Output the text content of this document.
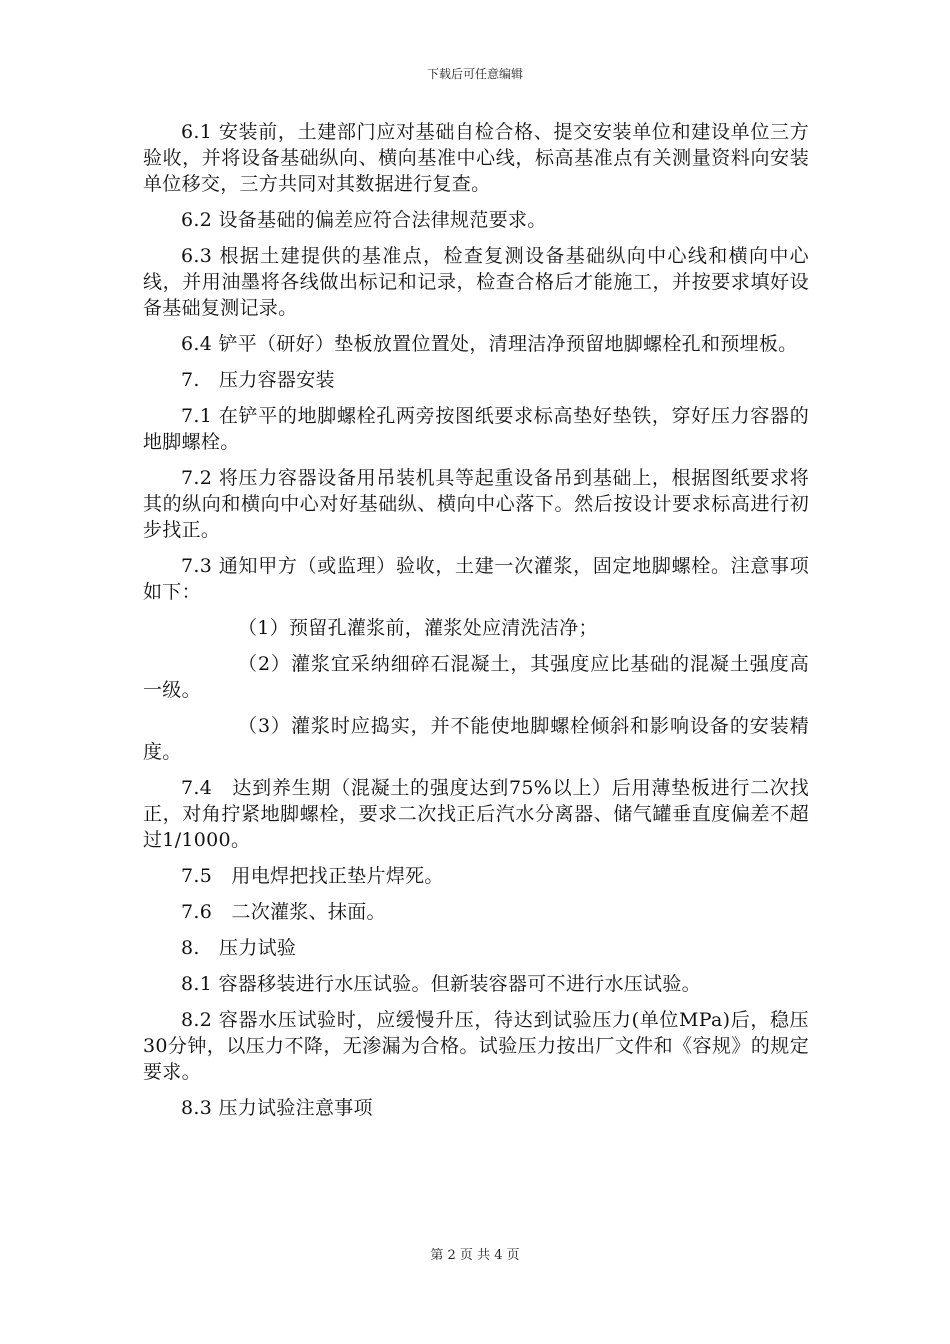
下载后可任意编辑

6.1 安装前，土建部门应对基础自检合格、提交安装单位和建设单位三方验收，并将设备基础纵向、横向基准中心线，标高基准点有关测量资料向安装单位移交，三方共同对其数据进行复查。

6.2 设备基础的偏差应符合法律规范要求。

6.3 根据土建提供的基准点，检查复测设备基础纵向中心线和横向中心线，并用油墨将各线做出标记和记录，检查合格后才能施工，并按要求填好设备基础复测记录。

6.4 铲平（研好）垫板放置位置处，清理洁净预留地脚螺栓孔和预埋板。

7.　压力容器安装

7.1 在铲平的地脚螺栓孔两旁按图纸要求标高垫好垫铁，穿好压力容器的地脚螺栓。

7.2 将压力容器设备用吊装机具等起重设备吊到基础上，根据图纸要求将其的纵向和横向中心对好基础纵、横向中心落下。然后按设计要求标高进行初步找正。

7.3 通知甲方（或监理）验收，土建一次灌浆，固定地脚螺栓。注意事项如下：

（1）预留孔灌浆前，灌浆处应清洗洁净；

（2）灌浆宜采纳细碎石混凝土，其强度应比基础的混凝土强度高一级。

（3）灌浆时应捣实，并不能使地脚螺栓倾斜和影响设备的安装精度。

7.4　达到养生期（混凝土的强度达到75%以上）后用薄垫板进行二次找正，对角拧紧地脚螺栓，要求二次找正后汽水分离器、储气罐垂直度偏差不超过1/1000。

7.5　用电焊把找正垫片焊死。

7.6　二次灌浆、抹面。

8.　压力试验

8.1 容器移装进行水压试验。但新装容器可不进行水压试验。

8.2 容器水压试验时，应缓慢升压，待达到试验压力(单位MPa)后，稳压30分钟，以压力不降，无渗漏为合格。试验压力按出厂文件和《容规》的规定要求。

8.3 压力试验注意事项

第 2 页 共 4 页
